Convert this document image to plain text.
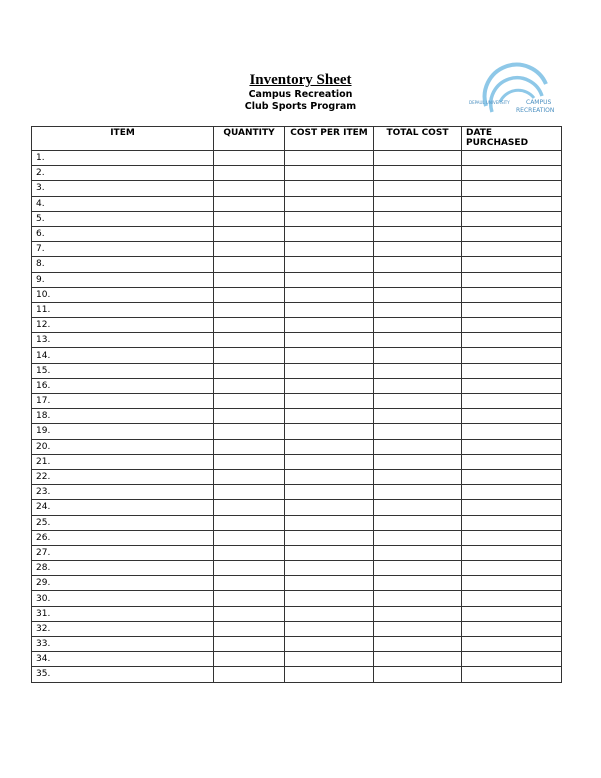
Inventory Sheet
Campus Recreation
Club Sports Program	DEPAUL UNIVERSITY	CAMPUS
RECREATION
ITEM	QUANTITY	COST PER ITEM	TOTAL COST	DATE PURCHASED
1.				
2.				
3.				
4.				
5.				
6.				
7.				
8.				
9.				
10.				
11.				
12.				
13.				
14.				
15.				
16.				
17.				
18.				
19.				
20.				
21.				
22.				
23.				
24.				
25.				
26.				
27.				
28.				
29.				
30.				
31.				
32.				
33.				
34.				
35.				
